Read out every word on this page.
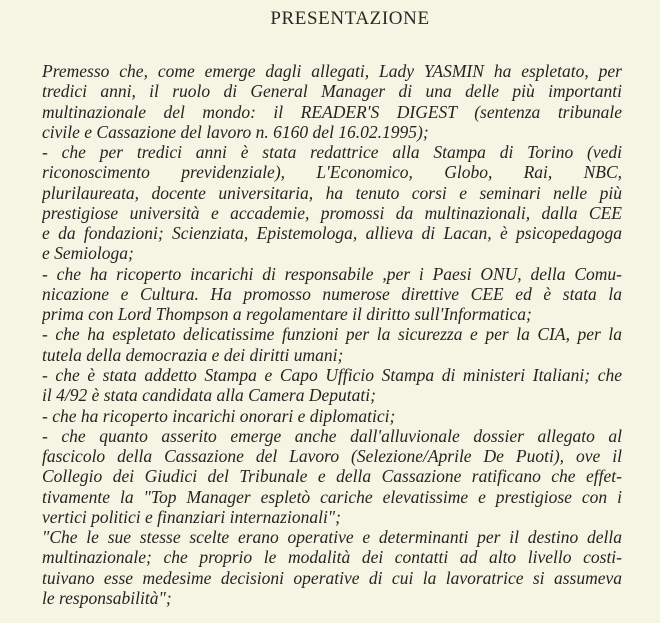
PRESENTAZIONE
Premesso che, come emerge dagli allegati, Lady YASMIN ha espletato, per
tredici anni, il ruolo di General Manager di una delle più importanti
multinazionale del mondo: il READER'S DIGEST (sentenza tribunale
civile e Cassazione del lavoro n. 6160 del 16.02.1995);
- che per tredici anni è stata redattrice alla Stampa di Torino (vedi
riconoscimento previdenziale), L'Economico, Globo, Rai, NBC,
plurilaureata, docente universitaria, ha tenuto corsi e seminari nelle più
prestigiose università e accademie, promossi da multinazionali, dalla CEE
e da fondazioni; Scienziata, Epistemologa, allieva di Lacan, è psicopedagoga
e Semiologa;
- che ha ricoperto incarichi di responsabile ,per i Paesi ONU, della Comu-
nicazione e Cultura. Ha promosso numerose direttive CEE ed è stata la
prima con Lord Thompson a regolamentare il diritto sull'Informatica;
- che ha espletato delicatissime funzioni per la sicurezza e per la CIA, per la
tutela della democrazia e dei diritti umani;
- che è stata addetto Stampa e Capo Ufficio Stampa di ministeri Italiani; che
il 4/92 è stata candidata alla Camera Deputati;
- che ha ricoperto incarichi onorari e diplomatici;
- che quanto asserito emerge anche dall'alluvionale dossier allegato al
fascicolo della Cassazione del Lavoro (Selezione/Aprile De Puoti), ove il
Collegio dei Giudici del Tribunale e della Cassazione ratificano che effet-
tivamente la "Top Manager espletò cariche elevatissime e prestigiose con i
vertici politici e finanziari internazionali";
"Che le sue stesse scelte erano operative e determinanti per il destino della
multinazionale; che proprio le modalità dei contatti ad alto livello costi-
tuivano esse medesime decisioni operative di cui la lavoratrice si assumeva
le responsabilità";
